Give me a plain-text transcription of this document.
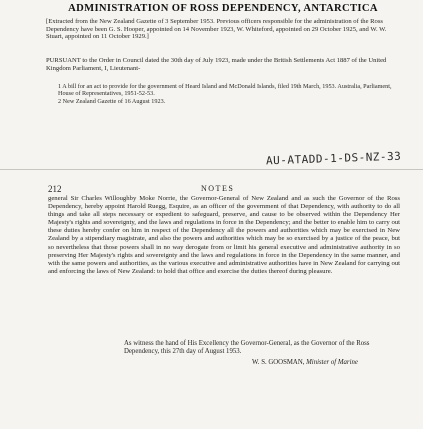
ADMINISTRATION OF ROSS DEPENDENCY, ANTARCTICA
[Extracted from the New Zealand Gazette of 3 September 1953. Previous officers responsible for the administration of the Ross Dependency have been G. S. Hooper, appointed on 14 November 1923, W. Whiteford, appointed on 29 October 1925, and W. W. Stuart, appointed on 11 October 1929.]
PURSUANT to the Order in Council dated the 30th day of July 1923, made under the British Settlements Act 1887 of the United Kingdom Parliament, I, Lieutenant-
1 A bill for an act to provide for the government of Heard Island and McDonald Islands, filed 19th March, 1953. Australia, Parliament, House of Representatives, 1951-52-53.
2 New Zealand Gazette of 16 August 1923.
AU-ATADD-1-DS-NZ-33
212	NOTES
general Sir Charles Willoughby Moke Norrie, the Governor-General of New Zealand and as such the Governor of the Ross Dependency, hereby appoint Harold Ruegg, Esquire, as an officer of the government of that Dependency, with authority to do all things and take all steps necessary or expedient to safeguard, preserve, and cause to be observed within the Dependency Her Majesty's rights and sovereignty, and the laws and regulations in force in the Dependency; and the better to enable him to carry out these duties hereby confer on him in respect of the Dependency all the powers and authorities which may be exercised in New Zealand by a stipendiary magistrate, and also the powers and authorities which may be so exercised by a justice of the peace, but so nevertheless that those powers shall in no way derogate from or limit his general executive and administrative authority in so preserving Her Majesty's rights and sovereignty and the laws and regulations in force in the Dependency in the same manner, and with the same powers and authorities, as the various executive and administrative authorities have in New Zealand for carrying out and enforcing the laws of New Zealand: to hold that office and exercise the duties thereof during pleasure.
As witness the hand of His Excellency the Governor-General, as the Governor of the Ross Dependency, this 27th day of August 1953.
W. S. GOOSMAN, Minister of Marine
